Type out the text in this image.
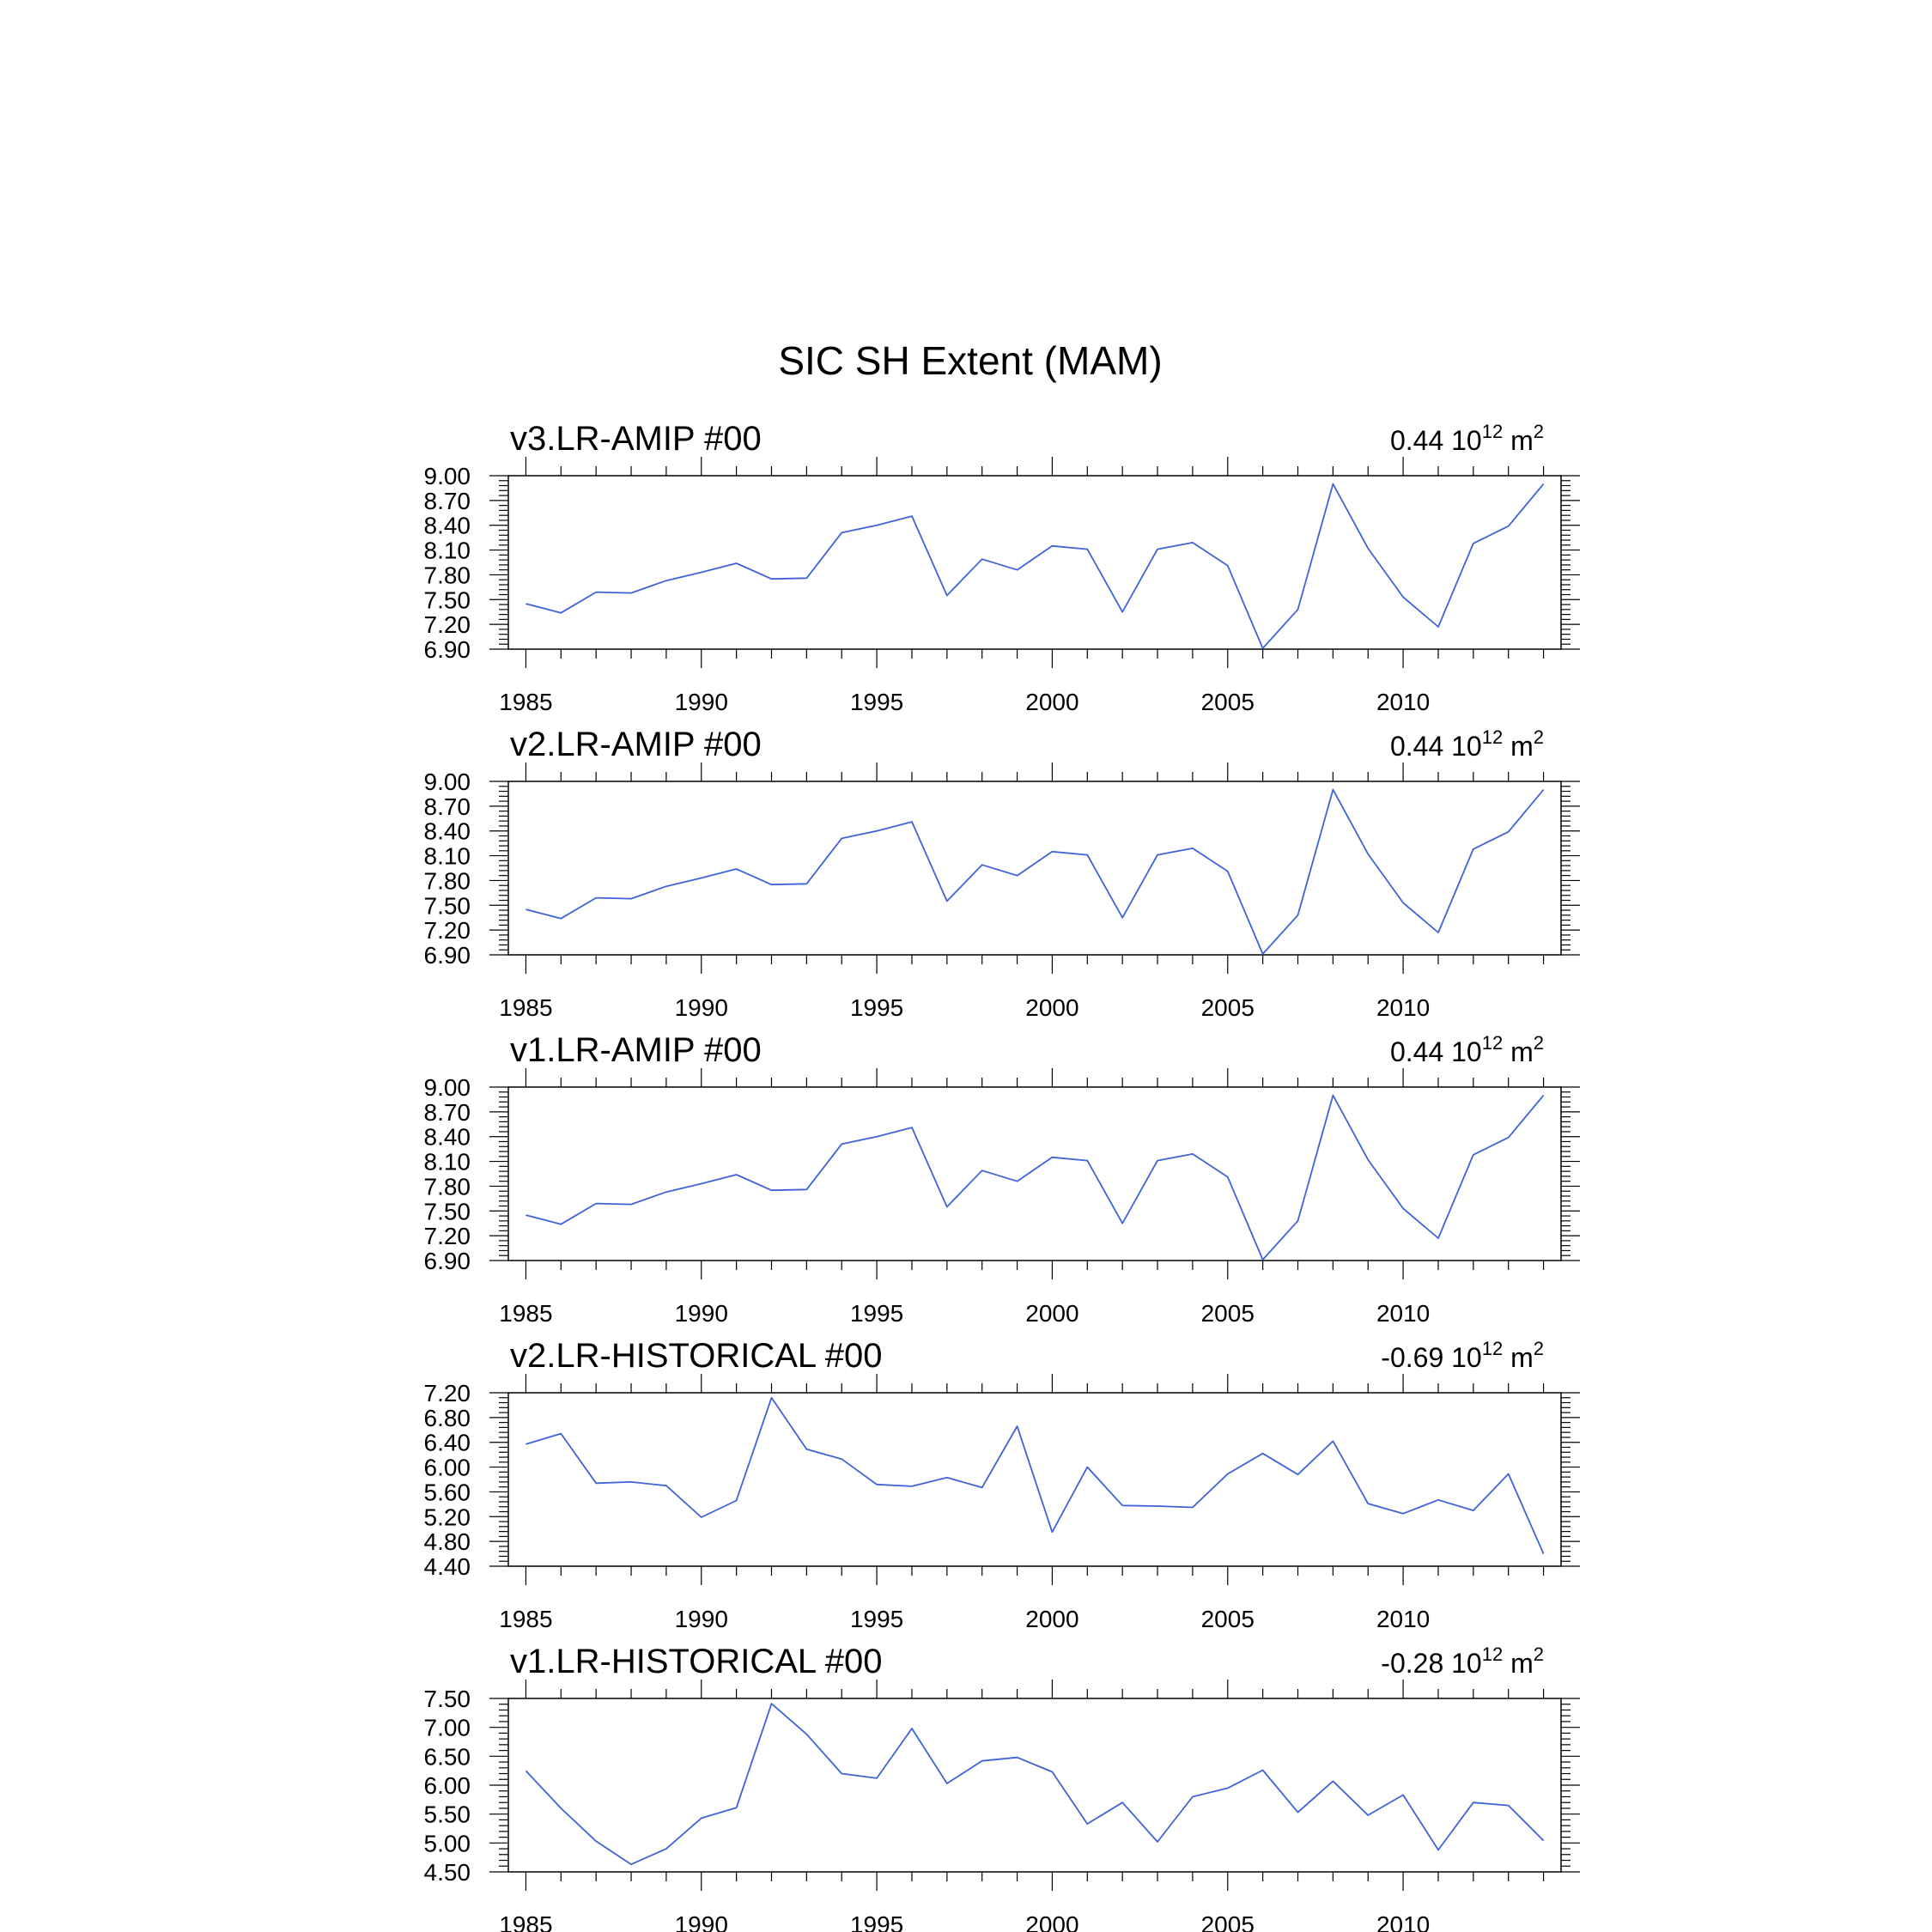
SIC SH Extent (MAM)
v3.LR-AMIP #00	0.44 $10^{12}$ $m^2$
1985	1990	1995	2000	2005	2010
6.90
7.20
7.50
7.80
8.10
8.40
8.70
9.00
v2.LR-AMIP #00	0.44 $10^{12}$ $m^2$
1985	1990	1995	2000	2005	2010
6.90
7.20
7.50
7.80
8.10
8.40
8.70
9.00
v1.LR-AMIP #00	0.44 $10^{12}$ $m^2$
1985	1990	1995	2000	2005	2010
6.90
7.20
7.50
7.80
8.10
8.40
8.70
9.00
v2.LR-HISTORICAL #00	-0.69 $10^{12}$ $m^2$
1985	1990	1995	2000	2005	2010
4.40
4.80
5.20
5.60
6.00
6.40
6.80
7.20
v1.LR-HISTORICAL #00	-0.28 $10^{12}$ $m^2$
1985	1990	1995	2000	2005	2010
4.50
5.00
5.50
6.00
6.50
7.00
7.50
